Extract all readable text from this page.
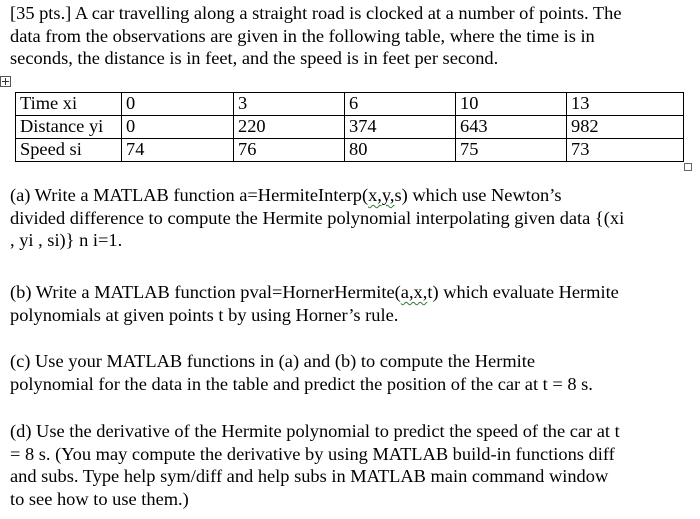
[35 pts.] A car travelling along a straight road is clocked at a number of points. The
data from the observations are given in the following table, where the time is in
seconds, the distance is in feet, and the speed is in feet per second.

Time xi	0	3	6	10	13
Distance yi	0	220	374	643	982
Speed si	74	76	80	75	73

(a) Write a MATLAB function a=HermiteInterp(x,y,s) which use Newton’s
divided difference to compute the Hermite polynomial interpolating given data {(xi
, yi , si)} n i=1.

(b) Write a MATLAB function pval=HornerHermite(a,x,t) which evaluate Hermite
polynomials at given points t by using Horner’s rule.

(c) Use your MATLAB functions in (a) and (b) to compute the Hermite
polynomial for the data in the table and predict the position of the car at t = 8 s.

(d) Use the derivative of the Hermite polynomial to predict the speed of the car at t
= 8 s. (You may compute the derivative by using MATLAB build-in functions diff
and subs. Type help sym/diff and help subs in MATLAB main command window
to see how to use them.)
